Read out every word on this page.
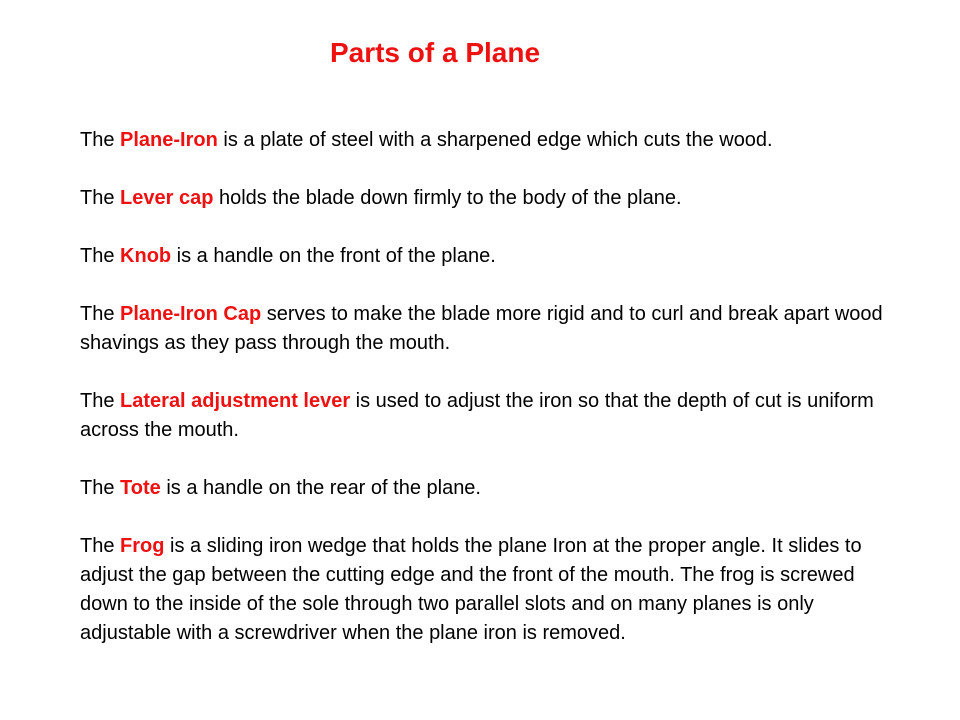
Parts of a Plane

The Plane-Iron is a plate of steel with a sharpened edge which cuts the wood.

The Lever cap holds the blade down firmly to the body of the plane.

The Knob is a handle on the front of the plane.

The Plane-Iron Cap serves to make the blade more rigid and to curl and break apart wood shavings as they pass through the mouth.

The Lateral adjustment lever is used to adjust the iron so that the depth of cut is uniform across the mouth.

The Tote is a handle on the rear of the plane.

The Frog is a sliding iron wedge that holds the plane Iron at the proper angle. It slides to adjust the gap between the cutting edge and the front of the mouth. The frog is screwed down to the inside of the sole through two parallel slots and on many planes is only adjustable with a screwdriver when the plane iron is removed.
